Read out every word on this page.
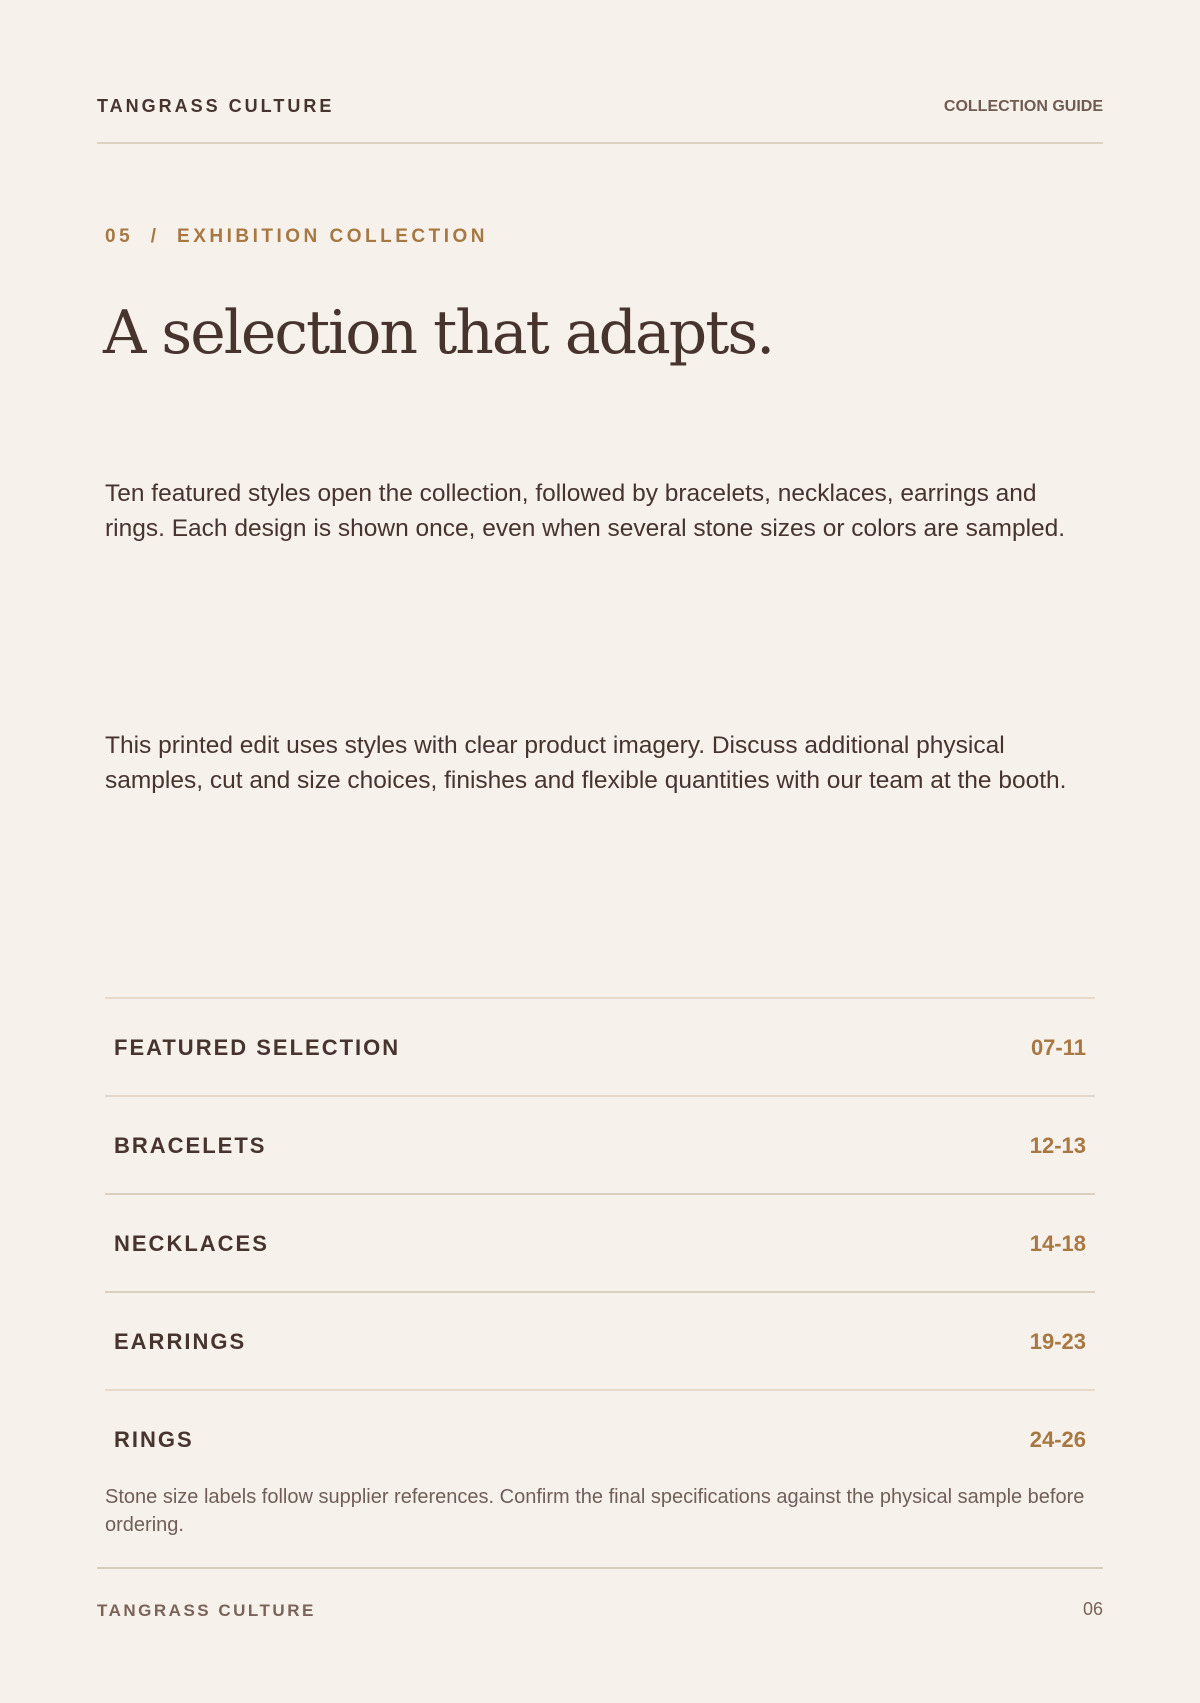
TANGRASS CULTURE	COLLECTION GUIDE
05  /  EXHIBITION COLLECTION
A selection that adapts.

Ten featured styles open the collection, followed by bracelets, necklaces, earrings and rings. Each design is shown once, even when several stone sizes or colors are sampled.

This printed edit uses styles with clear product imagery. Discuss additional physical samples, cut and size choices, finishes and flexible quantities with our team at the booth.

FEATURED SELECTION	07-11
BRACELETS	12-13
NECKLACES	14-18
EARRINGS	19-23
RINGS	24-26

Stone size labels follow supplier references. Confirm the final specifications against the physical sample before ordering.

TANGRASS CULTURE	06
